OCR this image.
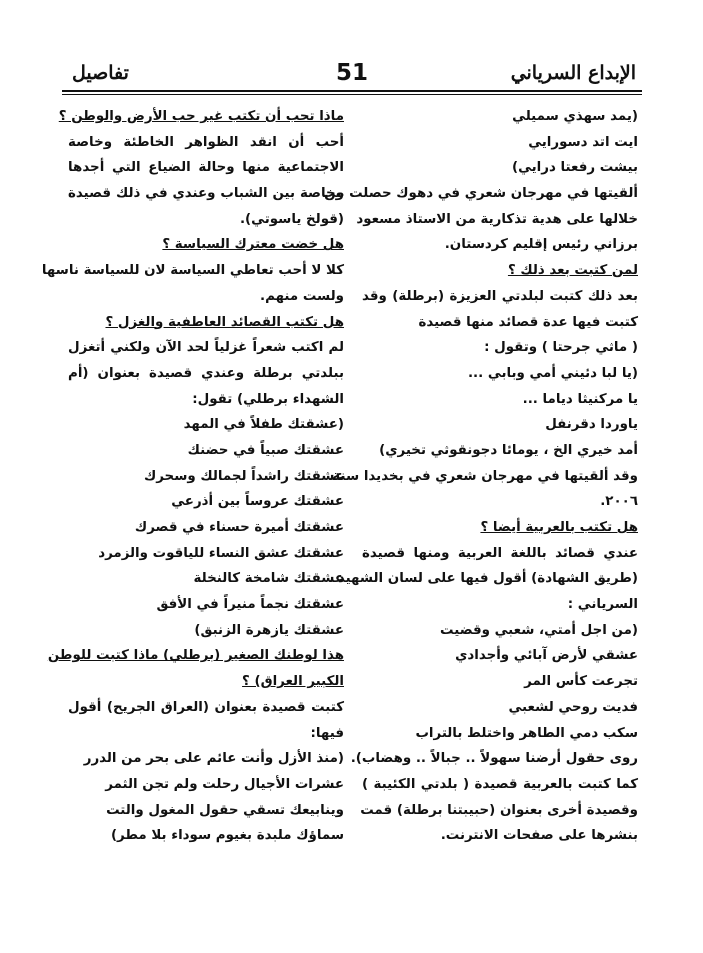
تفاصيل	51	الإبداع السرياني
(يمد سهذي سميلي
ايت اتد دسورايي
بيشت رفعتا درايي)
ألقيتها في مهرجان شعري في دهوك حصلت من
خلالها على هدية تذكارية من الاستاذ مسعود
برزاني رئيس إقليم كردستان.
لمن كتبت بعد ذلك ؟
بعد ذلك كتبت لبلدتي العزيزة (برطلة) وقد
كتبت فيها عدة قصائد منها قصيدة
( ماثي جرحتا ) وتقول :
(يا لبا دئيني أمي وبابي ...
يا مركنيثا دياما ...
ياوردا دقرنفل
أمد خيري الخ ، يومائا دجونقوثي تخيري)
وقد ألقيتها في مهرجان شعري في بخديدا سنة
٢٠٠٦.
هل تكتب بالعربية أيضا ؟
عندي قصائد باللغة العربية ومنها قصيدة
(طريق الشهادة) أقول فيها على لسان الشهيد
السرياني :
(من اجل أمتي، شعبي وقضيت
عشقي لأرض آبائي وأجدادي
تجرعت كأس المر
فديت روحي لشعبي
سكب دمي الطاهر واختلط بالتراب
روى حقول أرضنا سهولاً .. جبالاً .. وهضاب).
كما كتبت بالعربية قصيدة ( بلدتي الكئيبة )
وقصيدة أخرى بعنوان (حبيبتنا برطلة) قمت
بنشرها على صفحات الانترنت.
ماذا تحب أن تكتب غير حب الأرض والوطن ؟
أحب أن انقد الظواهر الخاطئة وخاصة
الاجتماعية منها وحالة الضياع التي أجدها
وخاصة بين الشباب وعندي في ذلك قصيدة
(قولخ ياسوتي).
هل خضت معترك السياسة ؟
كلا لا أحب تعاطي السياسة لان للسياسة ناسها
ولست منهم.
هل تكتب القصائد العاطفية والغزل ؟
لم اكتب شعراً غزلياً لحد الآن ولكني أتغزل
ببلدتي برطلة وعندي قصيدة بعنوان (أم
الشهداء برطلي) تقول:
(عشقتك طفلاً في المهد
عشقتك صبياً في حضنك
عشقتك راشداً لجمالك وسحرك
عشقتك عروساً بين أذرعي
عشقتك أميرة حسناء في قصرك
عشقتك عشق النساء للياقوت والزمرد
عشقتك شامخة كالنخلة
عشقتك نجماً منيراً في الأفق
عشقتك يازهرة الزنبق)
هذا لوطنك الصغير (برطلي) ماذا كتبت للوطن
الكبير العراق) ؟
كتبت قصيدة بعنوان (العراق الجريح) أقول
فيها:
(منذ الأزل وأنت عائم على بحر من الدرر
عشرات الأجيال رحلت ولم تجن الثمر
وينابيعك تسقي حقول المغول والتت
سماؤك ملبدة بغيوم سوداء بلا مطر)
